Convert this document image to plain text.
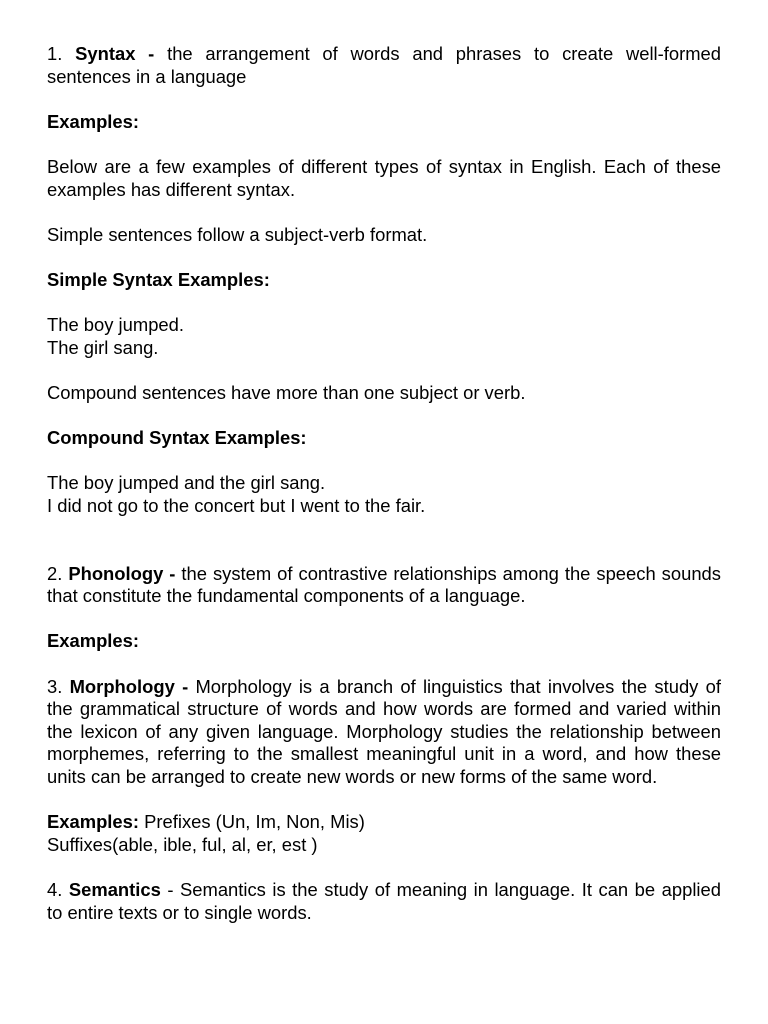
1. Syntax - the arrangement of words and phrases to create well-formed sentences in a language

Examples:

Below are a few examples of different types of syntax in English. Each of these examples has different syntax.

Simple sentences follow a subject-verb format.

Simple Syntax Examples:

The boy jumped.
The girl sang.

Compound sentences have more than one subject or verb.

Compound Syntax Examples:

The boy jumped and the girl sang.
I did not go to the concert but I went to the fair.

2. Phonology - the system of contrastive relationships among the speech sounds that constitute the fundamental components of a language.

Examples:

3. Morphology - Morphology is a branch of linguistics that involves the study of the grammatical structure of words and how words are formed and varied within the lexicon of any given language. Morphology studies the relationship between morphemes, referring to the smallest meaningful unit in a word, and how these units can be arranged to create new words or new forms of the same word.

Examples: Prefixes (Un, Im, Non, Mis)
Suffixes(able, ible, ful, al, er, est )

4. Semantics - Semantics is the study of meaning in language. It can be applied to entire texts or to single words.
